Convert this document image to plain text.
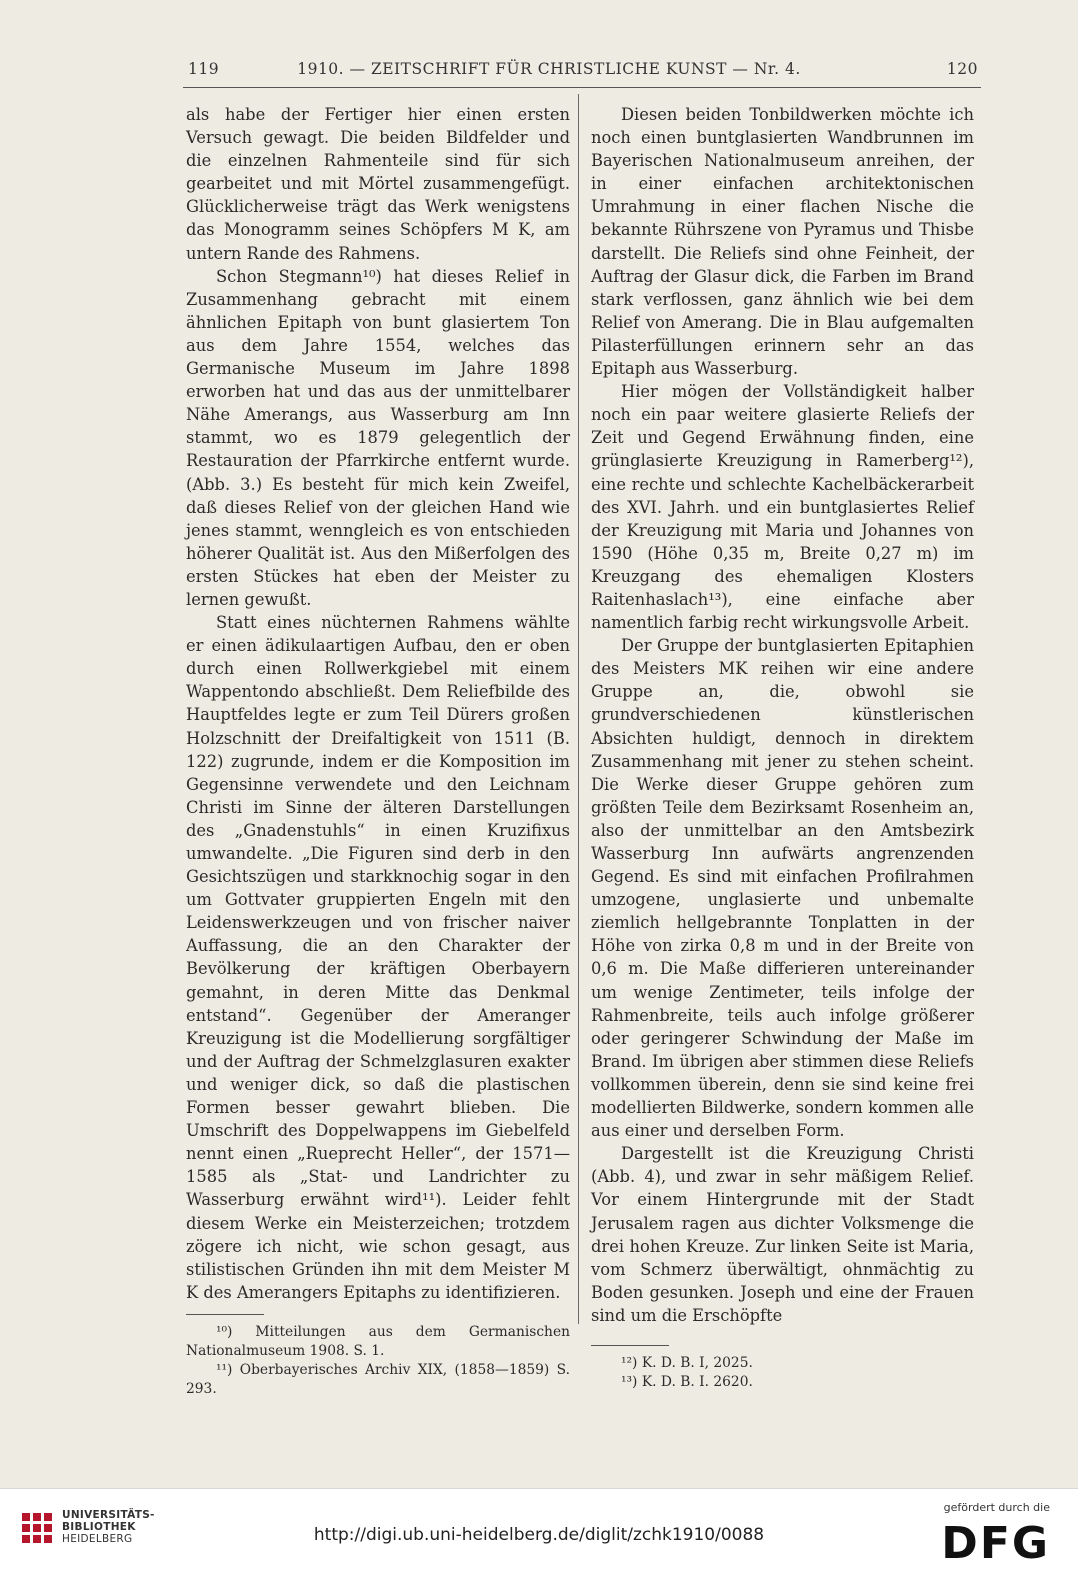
119	1910. — ZEITSCHRIFT FÜR CHRISTLICHE KUNST — Nr. 4.	120

als habe der Fertiger hier einen ersten Versuch gewagt. Die beiden Bildfelder und die einzelnen Rahmenteile sind für sich gearbeitet und mit Mörtel zusammengefügt. Glücklicherweise trägt das Werk wenigstens das Monogramm seines Schöpfers M K, am untern Rande des Rahmens.

Schon Stegmann¹⁰) hat dieses Relief in Zusammenhang gebracht mit einem ähnlichen Epitaph von bunt glasiertem Ton aus dem Jahre 1554, welches das Germanische Museum im Jahre 1898 erworben hat und das aus der unmittelbarer Nähe Amerangs, aus Wasserburg am Inn stammt, wo es 1879 gelegentlich der Restauration der Pfarrkirche entfernt wurde. (Abb. 3.) Es besteht für mich kein Zweifel, daß dieses Relief von der gleichen Hand wie jenes stammt, wenngleich es von entschieden höherer Qualität ist. Aus den Mißerfolgen des ersten Stückes hat eben der Meister zu lernen gewußt.

Statt eines nüchternen Rahmens wählte er einen ädikulaartigen Aufbau, den er oben durch einen Rollwerkgiebel mit einem Wappentondo abschließt. Dem Reliefbilde des Hauptfeldes legte er zum Teil Dürers großen Holzschnitt der Dreifaltigkeit von 1511 (B. 122) zugrunde, indem er die Komposition im Gegensinne verwendete und den Leichnam Christi im Sinne der älteren Darstellungen des „Gnadenstuhls“ in einen Kruzifixus umwandelte. „Die Figuren sind derb in den Gesichtszügen und starkknochig sogar in den um Gottvater gruppierten Engeln mit den Leidenswerkzeugen und von frischer naiver Auffassung, die an den Charakter der Bevölkerung der kräftigen Oberbayern gemahnt, in deren Mitte das Denkmal entstand“. Gegenüber der Ameranger Kreuzigung ist die Modellierung sorgfältiger und der Auftrag der Schmelzglasuren exakter und weniger dick, so daß die plastischen Formen besser gewahrt blieben. Die Umschrift des Doppelwappens im Giebelfeld nennt einen „Rueprecht Heller“, der 1571—1585 als „Stat- und Landrichter zu Wasserburg erwähnt wird¹¹). Leider fehlt diesem Werke ein Meisterzeichen; trotzdem zögere ich nicht, wie schon gesagt, aus stilistischen Gründen ihn mit dem Meister M K des Amerangers Epitaphs zu identifizieren.

¹⁰) Mitteilungen aus dem Germanischen Nationalmuseum 1908. S. 1.

¹¹) Oberbayerisches Archiv XIX, (1858—1859) S. 293.

Diesen beiden Tonbildwerken möchte ich noch einen buntglasierten Wandbrunnen im Bayerischen Nationalmuseum anreihen, der in einer einfachen architektonischen Umrahmung in einer flachen Nische die bekannte Rührszene von Pyramus und Thisbe darstellt. Die Reliefs sind ohne Feinheit, der Auftrag der Glasur dick, die Farben im Brand stark verflossen, ganz ähnlich wie bei dem Relief von Amerang. Die in Blau aufgemalten Pilasterfüllungen erinnern sehr an das Epitaph aus Wasserburg.

Hier mögen der Vollständigkeit halber noch ein paar weitere glasierte Reliefs der Zeit und Gegend Erwähnung finden, eine grünglasierte Kreuzigung in Ramerberg¹²), eine rechte und schlechte Kachelbäckerarbeit des XVI. Jahrh. und ein buntglasiertes Relief der Kreuzigung mit Maria und Johannes von 1590 (Höhe 0,35 m, Breite 0,27 m) im Kreuzgang des ehemaligen Klosters Raitenhaslach¹³), eine einfache aber namentlich farbig recht wirkungsvolle Arbeit.

Der Gruppe der buntglasierten Epitaphien des Meisters MK reihen wir eine andere Gruppe an, die, obwohl sie grundverschiedenen künstlerischen Absichten huldigt, dennoch in direktem Zusammenhang mit jener zu stehen scheint. Die Werke dieser Gruppe gehören zum größten Teile dem Bezirksamt Rosenheim an, also der unmittelbar an den Amtsbezirk Wasserburg Inn aufwärts angrenzenden Gegend. Es sind mit einfachen Profilrahmen umzogene, unglasierte und unbemalte ziemlich hellgebrannte Tonplatten in der Höhe von zirka 0,8 m und in der Breite von 0,6 m. Die Maße differieren untereinander um wenige Zentimeter, teils infolge der Rahmenbreite, teils auch infolge größerer oder geringerer Schwindung der Maße im Brand. Im übrigen aber stimmen diese Reliefs vollkommen überein, denn sie sind keine frei modellierten Bildwerke, sondern kommen alle aus einer und derselben Form.

Dargestellt ist die Kreuzigung Christi (Abb. 4), und zwar in sehr mäßigem Relief. Vor einem Hintergrunde mit der Stadt Jerusalem ragen aus dichter Volksmenge die drei hohen Kreuze. Zur linken Seite ist Maria, vom Schmerz überwältigt, ohnmächtig zu Boden gesunken. Joseph und eine der Frauen sind um die Erschöpfte

¹²) K. D. B. I, 2025.

¹³) K. D. B. I. 2620.

UNIVERSITÄTS-
BIBLIOTHEK
HEIDELBERG	http://digi.ub.uni-heidelberg.de/diglit/zchk1910/0088
gefördert durch die
DFG
